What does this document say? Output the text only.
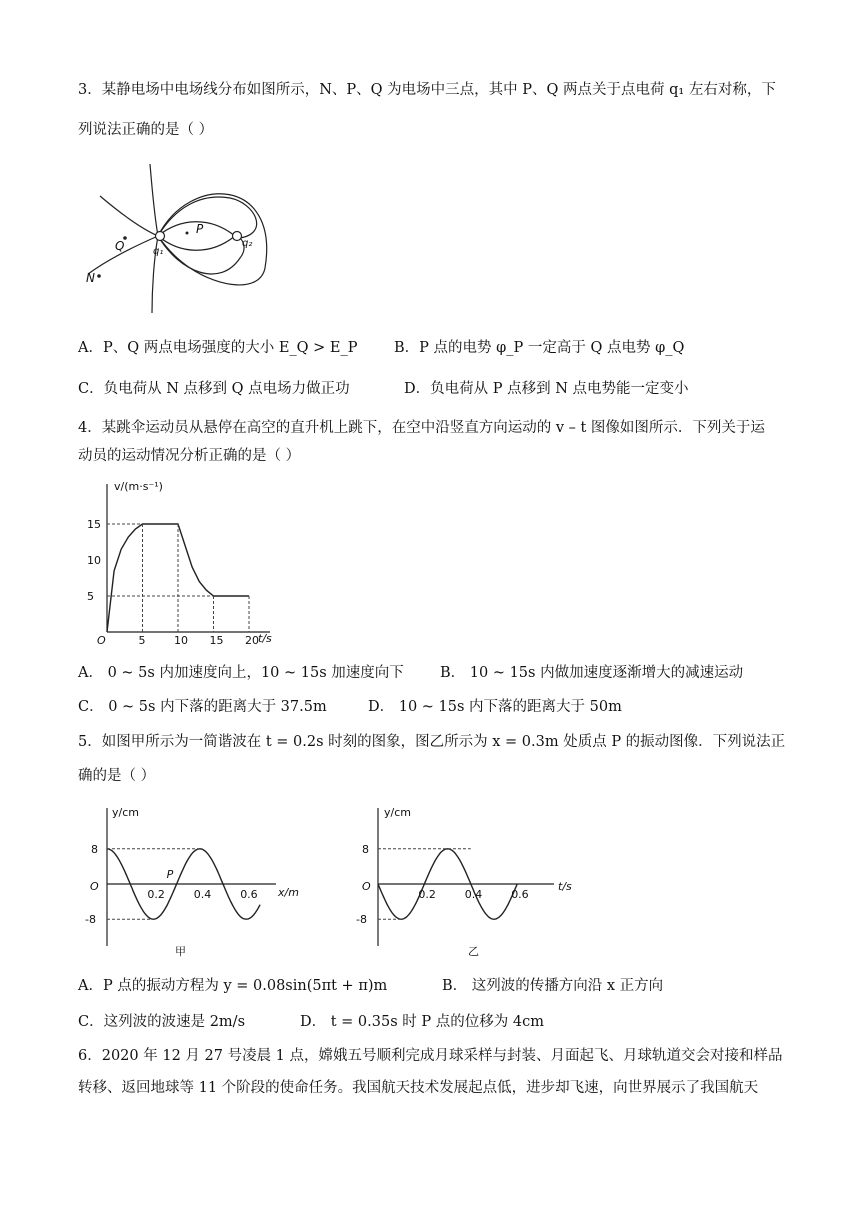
3．某静电场中电场线分布如图所示，N、P、Q 为电场中三点，其中 P、Q 两点关于点电荷 q₁ 左右对称，下
列说法正确的是（ ）
P
Q
N
q₁
q₂
A．P、Q 两点电场强度的大小 E_Q > E_P	B．P 点的电势 φ_P 一定高于 Q 点电势 φ_Q
C．负电荷从 N 点移到 Q 点电场力做正功	D．负电荷从 P 点移到 N 点电势能一定变小
4．某跳伞运动员从悬停在高空的直升机上跳下，在空中沿竖直方向运动的 v – t 图像如图所示．下列关于运
动员的运动情况分析正确的是（ ）
v/(m·s⁻¹)
t/s
O	5	10 15 20
5
10
15
A． 0 ~ 5s 内加速度向上，10 ~ 15s 加速度向下 B． 10 ~ 15s 内做加速度逐渐增大的减速运动
C． 0 ~ 5s 内下落的距离大于 37.5m	D． 10 ~ 15s 内下落的距离大于 50m
5．如图甲所示为一简谐波在 t = 0.2s 时刻的图象，图乙所示为 x = 0.3m 处质点 P 的振动图像．下列说法正
确的是（ ）
y/cm
x/m
O
甲
0.2	0.4	0.6
8
-8
P
y/cm
t/s
O
乙
0.2	0.4	0.6
8
-8
A．P 点的振动方程为 y = 0.08sin(5πt + π)m	B． 这列波的传播方向沿 x 正方向
C．这列波的波速是 2m/s	D． t = 0.35s 时 P 点的位移为 4cm
6．2020 年 12 月 27 号凌晨 1 点，嫦娥五号顺利完成月球采样与封装、月面起飞、月球轨道交会对接和样品
转移、返回地球等 11 个阶段的使命任务。我国航天技术发展起点低，进步却飞速，向世界展示了我国航天
